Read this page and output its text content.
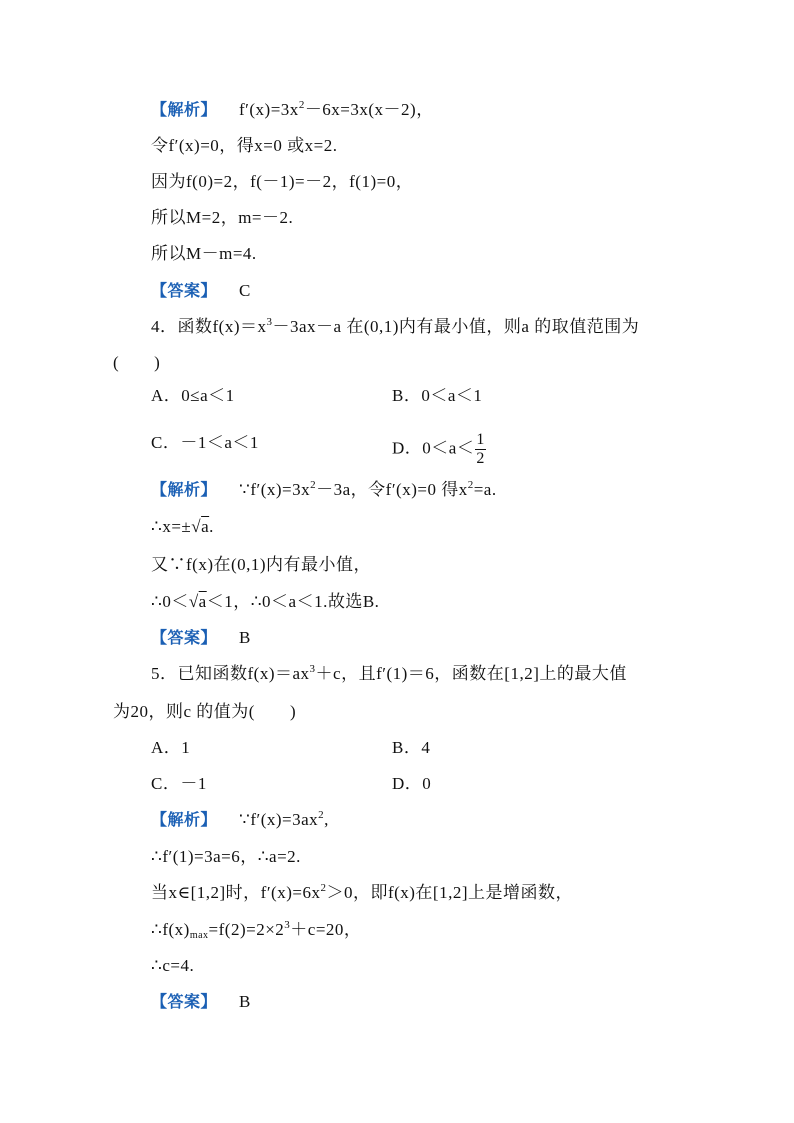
【解析】 $f'(x)=3x^2-6x=3x(x-2)$，
令f′(x)=0，得x=0 或x=2.
因为f(0)=2，f(－1)=－2，f(1)=0，
所以M=2，m=－2.
所以M－m=4.
【答案】 C
4．函数$f(x)=x^3-3ax-a$ 在(0,1)内有最小值，则a 的取值范围为
(　　)
A．0≤a＜1	B．0＜a＜1
C．－1＜a＜1	D．$0<a< \frac{1}{2}$
【解析】 $\because f'(x)=3x^2-3a$，令f′(x)=0 得$x^2=a$.
∴x=±√a.
又∵f(x)在(0,1)内有最小值，
∴0＜√a＜1，∴0＜a＜1.故选B.
【答案】 B
5．已知函数$f(x)=ax^3+c$，且f′(1)＝6，函数在[1,2]上的最大值
为20，则c 的值为(　　)
A．1	B．4
C．－1	D．0
【解析】 $\because f'(x)=3ax^2$,
∴f′(1)=3a=6，∴a=2.
当x∈[1,2]时，$f'(x)=6x^2>0$，即f(x)在[1,2]上是增函数，
$\therefore f(x)_{max}=f(2)=2\times 2^3+c=20$，
∴c=4.
【答案】 B
